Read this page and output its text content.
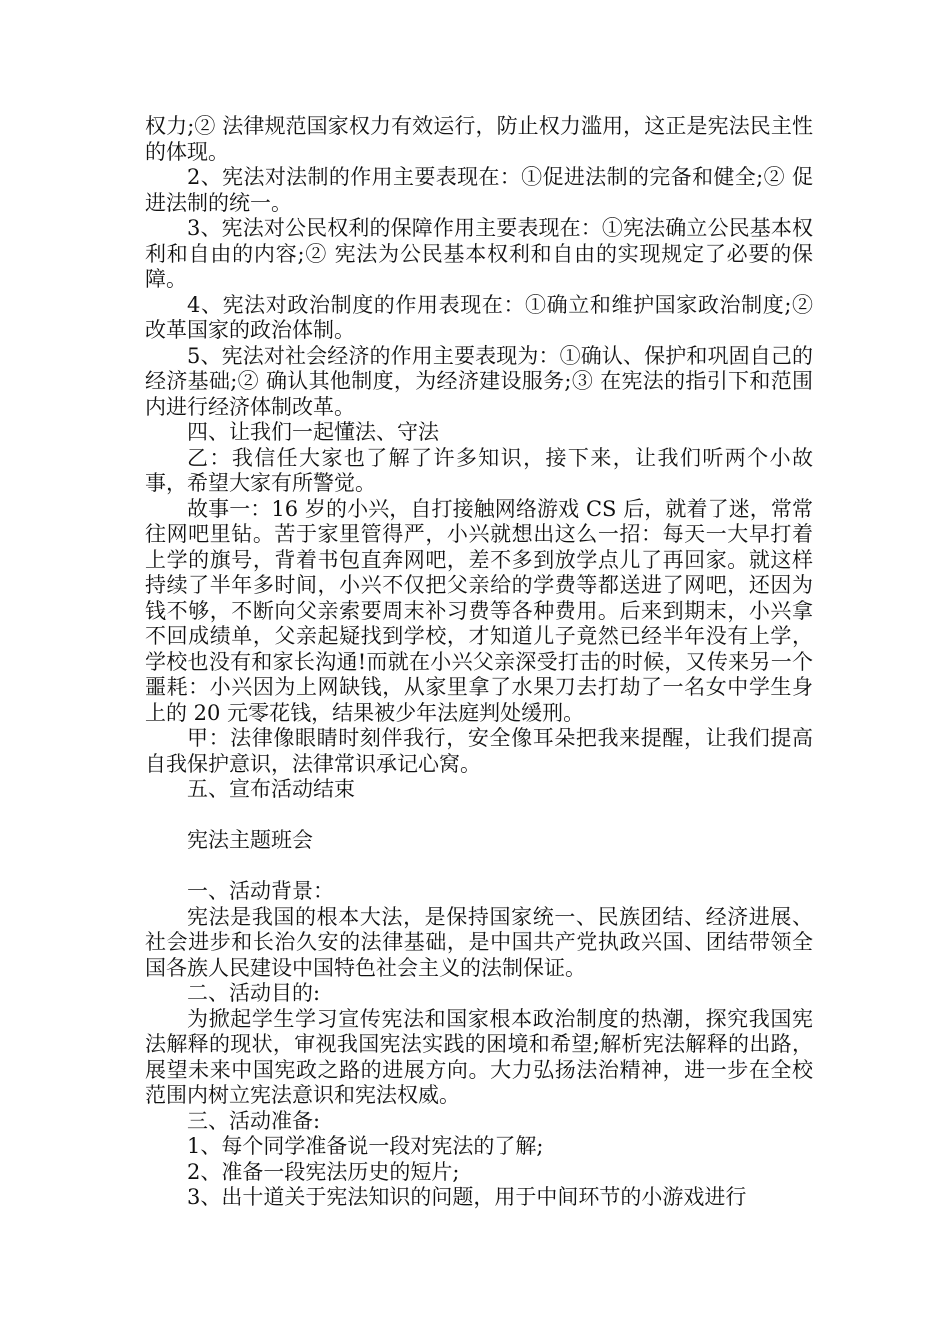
权力;② 法律规范国家权力有效运行，防止权力滥用，这正是宪法民主性的体现。

2、宪法对法制的作用主要表现在：①促进法制的完备和健全;② 促进法制的统一。

3、宪法对公民权利的保障作用主要表现在：①宪法确立公民基本权利和自由的内容;② 宪法为公民基本权利和自由的实现规定了必要的保障。

4、宪法对政治制度的作用表现在：①确立和维护国家政治制度;② 改革国家的政治体制。

5、宪法对社会经济的作用主要表现为：①确认、保护和巩固自己的经济基础;② 确认其他制度，为经济建设服务;③ 在宪法的指引下和范围内进行经济体制改革。

四、让我们一起懂法、守法

乙：我信任大家也了解了许多知识，接下来，让我们听两个小故事，希望大家有所警觉。

故事一：16 岁的小兴，自打接触网络游戏 CS 后，就着了迷，常常往网吧里钻。苦于家里管得严，小兴就想出这么一招：每天一大早打着上学的旗号，背着书包直奔网吧，差不多到放学点儿了再回家。就这样持续了半年多时间，小兴不仅把父亲给的学费等都送进了网吧，还因为钱不够，不断向父亲索要周末补习费等各种费用。后来到期末，小兴拿不回成绩单，父亲起疑找到学校，才知道儿子竟然已经半年没有上学，学校也没有和家长沟通!而就在小兴父亲深受打击的时候，又传来另一个噩耗：小兴因为上网缺钱，从家里拿了水果刀去打劫了一名女中学生身上的 20 元零花钱，结果被少年法庭判处缓刑。

甲：法律像眼睛时刻伴我行，安全像耳朵把我来提醒，让我们提高自我保护意识，法律常识承记心窝。

五、宣布活动结束

宪法主题班会

一、活动背景：

宪法是我国的根本大法，是保持国家统一、民族团结、经济进展、社会进步和长治久安的法律基础，是中国共产党执政兴国、团结带领全国各族人民建设中国特色社会主义的法制保证。

二、活动目的:

为掀起学生学习宣传宪法和国家根本政治制度的热潮，探究我国宪法解释的现状，审视我国宪法实践的困境和希望;解析宪法解释的出路，展望未来中国宪政之路的进展方向。大力弘扬法治精神，进一步在全校范围内树立宪法意识和宪法权威。

三、活动准备:

1、每个同学准备说一段对宪法的了解;

2、准备一段宪法历史的短片;

3、出十道关于宪法知识的问题，用于中间环节的小游戏进行
